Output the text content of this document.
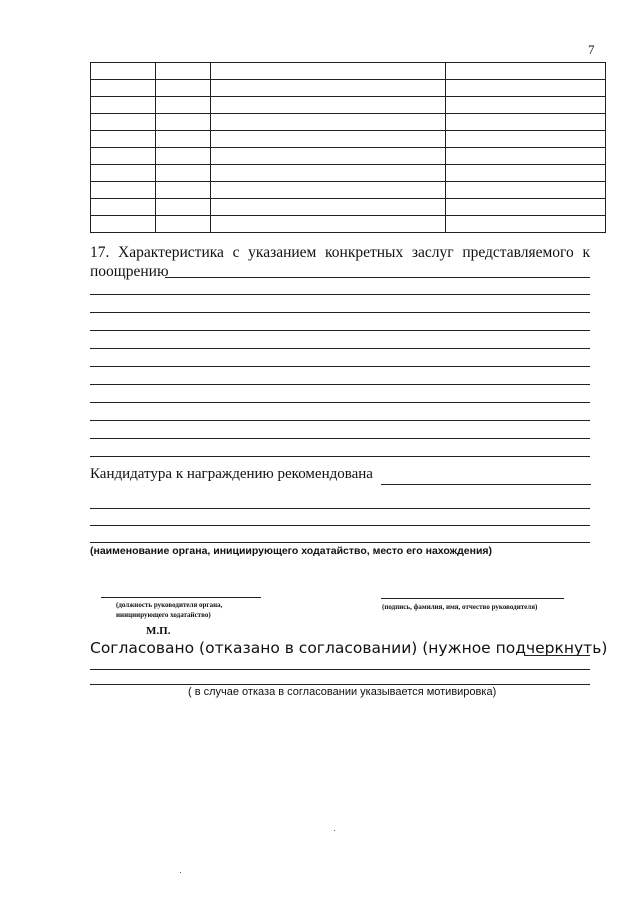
7

17. Характеристика с указанием конкретных заслуг представляемого к
поощрению
Кандидатура к награждению рекомендована
(наименование органа, инициирующего ходатайство, место его нахождения)
(должность руководителя органа,
инициирующего ходатайство)
(подпись, фамилия, имя, отчество руководителя)
М.П.
Согласовано (отказано в согласовании) (нужное подчеркнуть)
( в случае отказа в согласовании указывается мотивировка)
